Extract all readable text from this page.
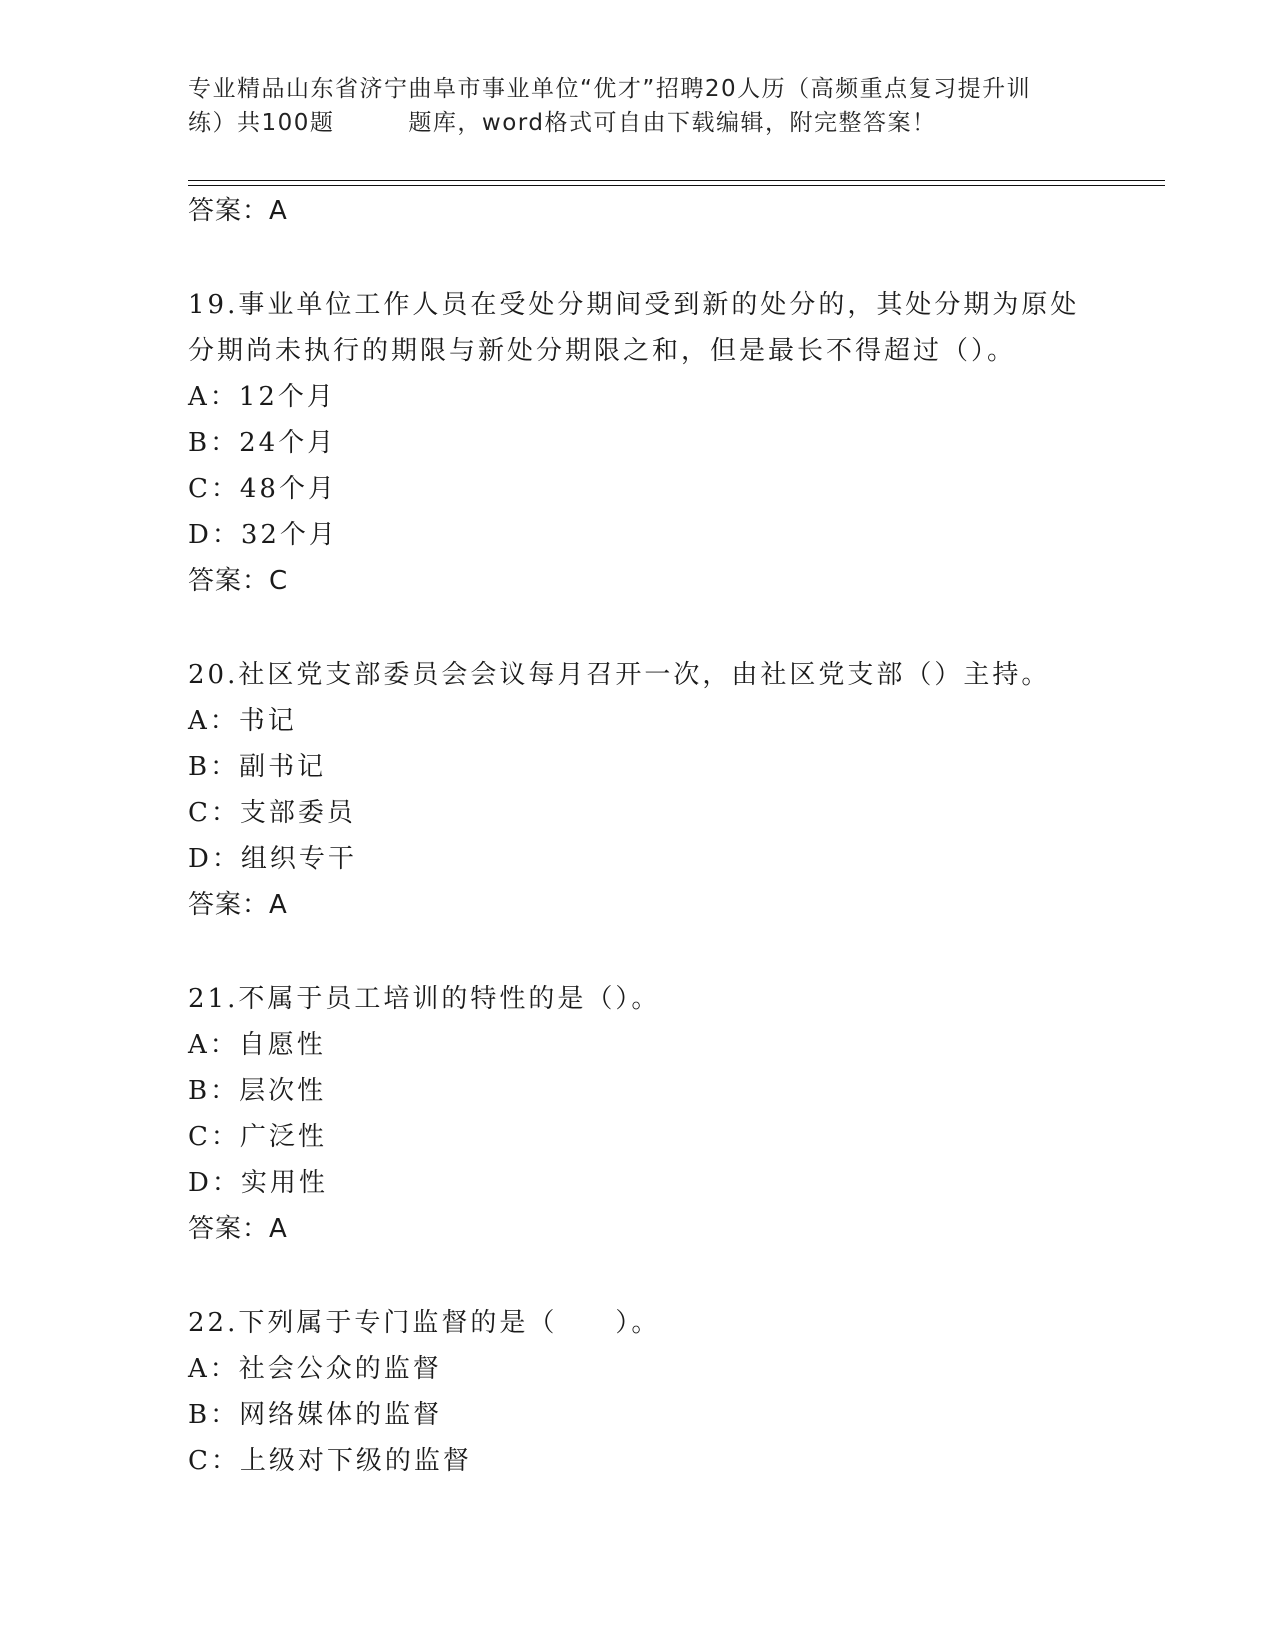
专业精品山东省济宁曲阜市事业单位“优才”招聘20人历（高频重点复习提升训
练）共100题	题库，word格式可自由下载编辑，附完整答案！
答案：A
19.事业单位工作人员在受处分期间受到新的处分的，其处分期为原处
分期尚未执行的期限与新处分期限之和，但是最长不得超过（）。
A：12个月
B：24个月
C：48个月
D：32个月
答案：C
20.社区党支部委员会会议每月召开一次，由社区党支部（）主持。
A：书记
B：副书记
C：支部委员
D：组织专干
答案：A
21.不属于员工培训的特性的是（）。
A：自愿性
B：层次性
C：广泛性
D：实用性
答案：A
22.下列属于专门监督的是（　　）。
A：社会公众的监督
B：网络媒体的监督
C：上级对下级的监督
